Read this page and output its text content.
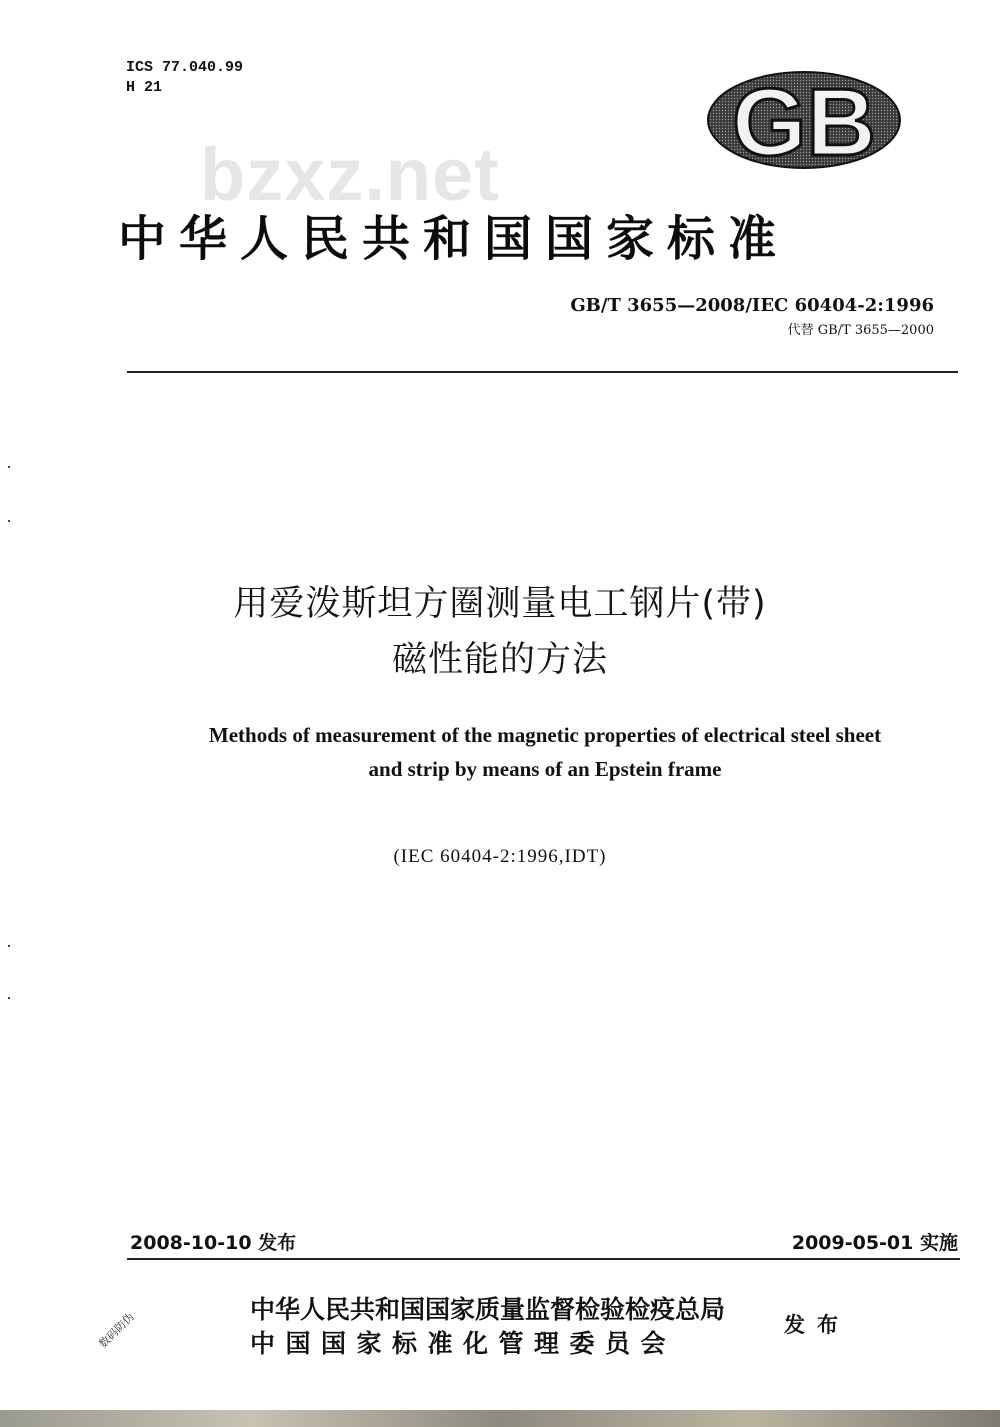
ICS 77.040.99
H 21	GB
bzxz.net
中华人民共和国国家标准
GB/T 3655—2008/IEC 60404-2:1996
代替 GB/T 3655—2000
用爱泼斯坦方圈测量电工钢片(带)
磁性能的方法
Methods of measurement of the magnetic properties of electrical steel sheet
and strip by means of an Epstein frame
(IEC 60404-2:1996,IDT)
2008-10-10 发布	2009-05-01 实施
中华人民共和国国家质量监督检验检疫总局
中国国家标准化管理委员会
发布
数码防伪
